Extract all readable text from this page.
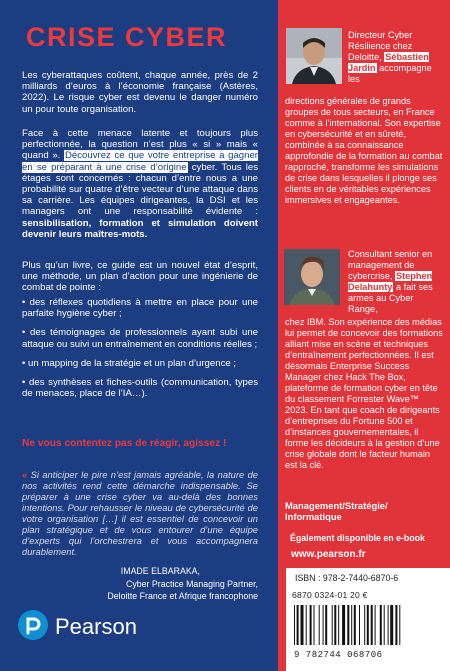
CRISE CYBER
Les cyberattaques coûtent, chaque année, près de 2 milliards d’euros à l’économie française (Astères, 2022). Le risque cyber est devenu le danger numéro un pour toute organisation.
Face à cette menace latente et toujours plus perfectionnée, la question n’est plus « si » mais « quand ». Découvrez ce que votre entreprise a gagner en se préparant à une crise d’origine cyber. Tous les étages sont concernés : chacun d’entre nous a une probabilité sur quatre d’être vecteur d’une attaque dans sa carrière. Les équipes dirigeantes, la DSI et les managers ont une responsabilité évidente : sensibilisation, formation et simulation doivent devenir leurs maîtres-mots.
Plus qu’un livre, ce guide est un nouvel état d’esprit, une méthode, un plan d’action pour une ingénierie de combat de pointe :
• des réflexes quotidiens à mettre en place pour une parfaite hygiène cyber ;
• des témoignages de professionnels ayant subi une attaque ou suivi un entraînement en conditions réelles ;
• un mapping de la stratégie et un plan d’urgence ;
• des synthèses et fiches-outils (communication, types de menaces, place de l’IA…).
Ne vous contentez pas de réagir, agissez !
« Si anticiper le pire n’est jamais agréable, la nature de nos activités rend cette démarche indispensable. Se préparer à une crise cyber va au-delà des bonnes intentions. Pour rehausser le niveau de cybersécurité de votre organisation […] il est essentiel de concevoir un plan stratégique et de vous entourer d’une équipe d’experts qui l’orchestrera et vous accompagnera durablement.
IMADE ELBARAKA,
Cyber Practice Managing Partner,
Deloitte France et Afrique francophone
Pearson
Directeur Cyber Résilience chez Deloitte, Sébastien Jardin accompagne les
directions générales de grands groupes de tous secteurs, en France comme à l’international. Son expertise en cybersécurité et en sûreté, combinée à sa connaissance approfondie de la formation au combat rapproché, transforme les simulations de crise dans lesquelles il plonge ses clients en de véritables expériences immersives et engageantes.
Consultant senior en management de cybercrise, Stephen Delahunty a fait ses armes au Cyber Range,
chez IBM. Son expérience des médias lui permet de concevoir des formations alliant mise en scène et techniques d’entraînement perfectionnées. Il est désormais Enterprise Success Manager chez Hack The Box, plateforme de formation cyber en tête du classement Forrester Wave™ 2023. En tant que coach de dirigeants d’entreprises du Fortune 500 et d’instances gouvernementales, il forme les décideurs à la gestion d’une crise globale dont le facteur humain est la clé.
Management/Stratégie/ Informatique
Également disponible en e-book
www.pearson.fr
ISBN : 978-2-7440-6870-6
6870 0324-01 20 €
9 782744 068706
